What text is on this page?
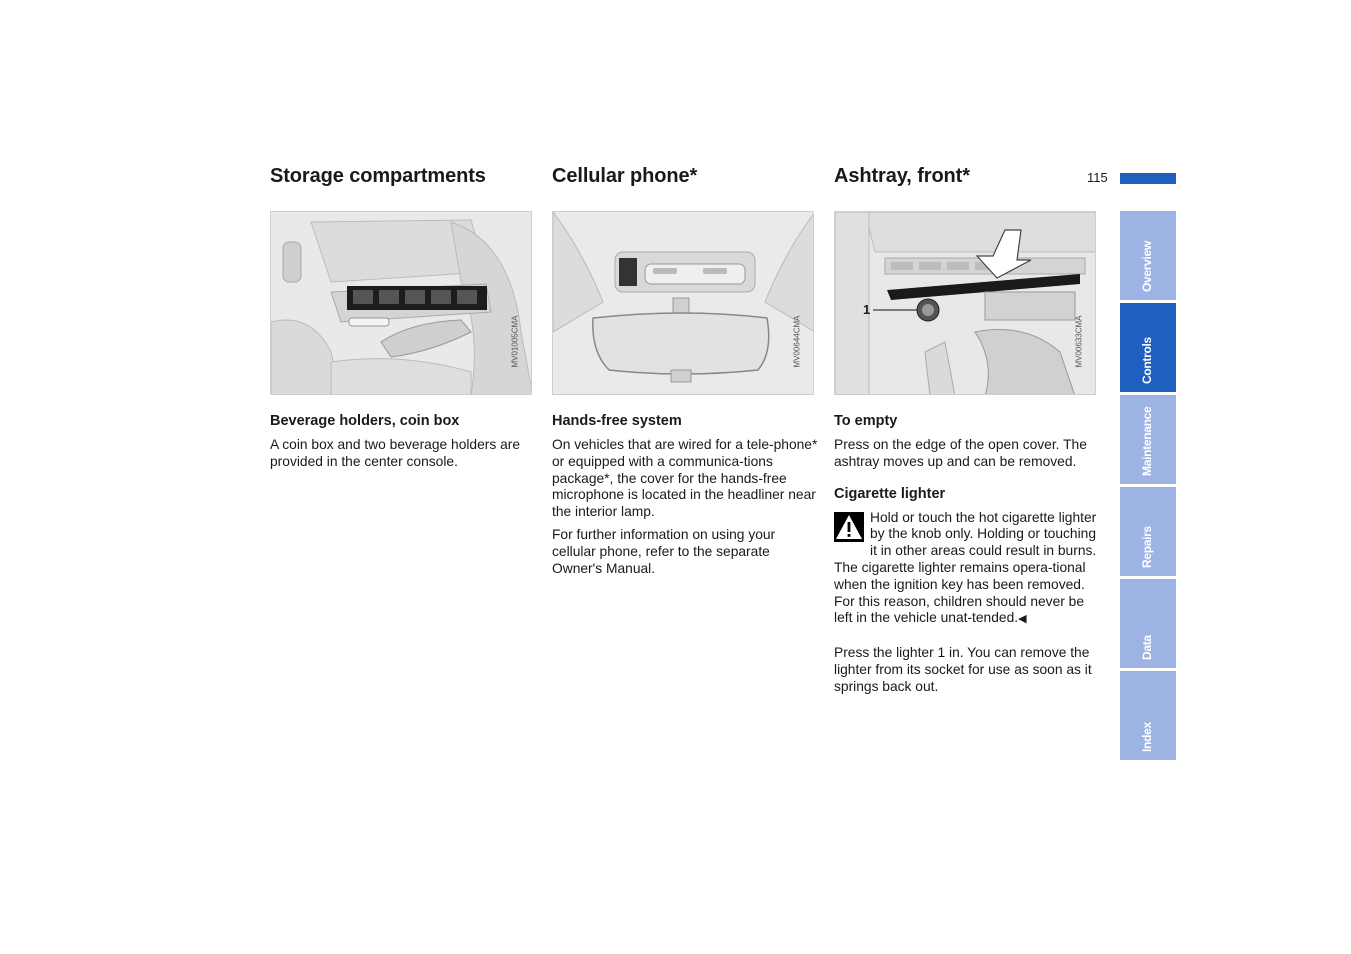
Storage compartments
MV01005CMA
Beverage holders, coin box

A coin box and two beverage holders are provided in the center console.

Cellular phone*
MV00644CMA
Hands-free system

On vehicles that are wired for a tele-phone* or equipped with a communica-tions package*, the cover for the hands-free microphone is located in the headliner near the interior lamp.

For further information on using your cellular phone, refer to the separate Owner's Manual.

Ashtray, front*
1
MV00633CMA
To empty

Press on the edge of the open cover. The ashtray moves up and can be removed.

Cigarette lighter
Hold or touch the hot cigarette lighter by the knob only. Holding or touching it in other areas could result in burns.
The cigarette lighter remains opera-tional when the ignition key has been removed. For this reason, children should never be left in the vehicle unat-tended.◀

Press the lighter 1 in. You can remove the lighter from its socket for use as soon as it springs back out.

115
Overview
Controls
Maintenance
Repairs
Data
Index
